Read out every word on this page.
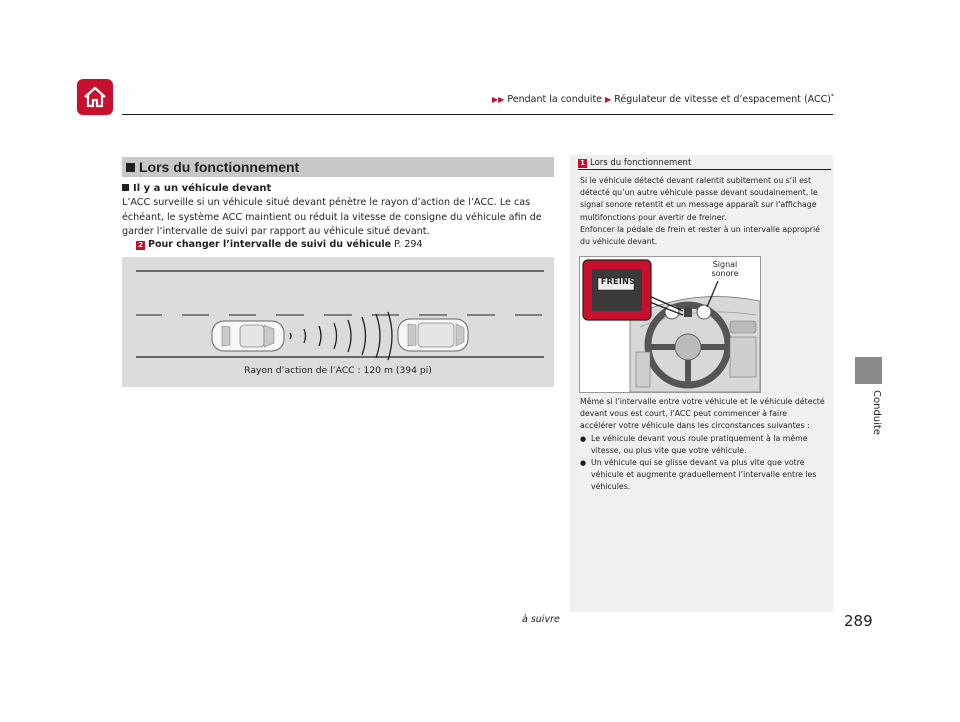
▶▶ Pendant la conduite ▶ Régulateur de vitesse et d’espacement (ACC)*
Conduite
Lors du fonctionnement
Il y a un véhicule devant
L’ACC surveille si un véhicule situé devant pénètre le rayon d’action de l’ACC. Le cas échéant, le système ACC maintient ou réduit la vitesse de consigne du véhicule afin de garder l’intervalle de suivi par rapport au véhicule situé devant.
2 Pour changer l’intervalle de suivi du véhicule P. 294
Rayon d’action de l’ACC : 120 m (394 pi)
1 Lors du fonctionnement
Si le véhicule détecté devant ralentit subitement ou s’il est détecté qu’un autre véhicule passe devant soudainement, le signal sonore retentit et un message apparaît sur l’affichage multifonctions pour avertir de freiner.
Enfoncer la pédale de frein et rester à un intervalle approprié du véhicule devant.
FREINS
Signal
sonore
Même si l’intervalle entre votre véhicule et le véhicule détecté devant vous est court, l’ACC peut commencer à faire accélérer votre véhicule dans les circonstances suivantes :
● Le véhicule devant vous roule pratiquement à la même vitesse, ou plus vite que votre véhicule.
● Un véhicule qui se glisse devant va plus vite que votre véhicule et augmente graduellement l’intervalle entre les véhicules.
à suivre	289
